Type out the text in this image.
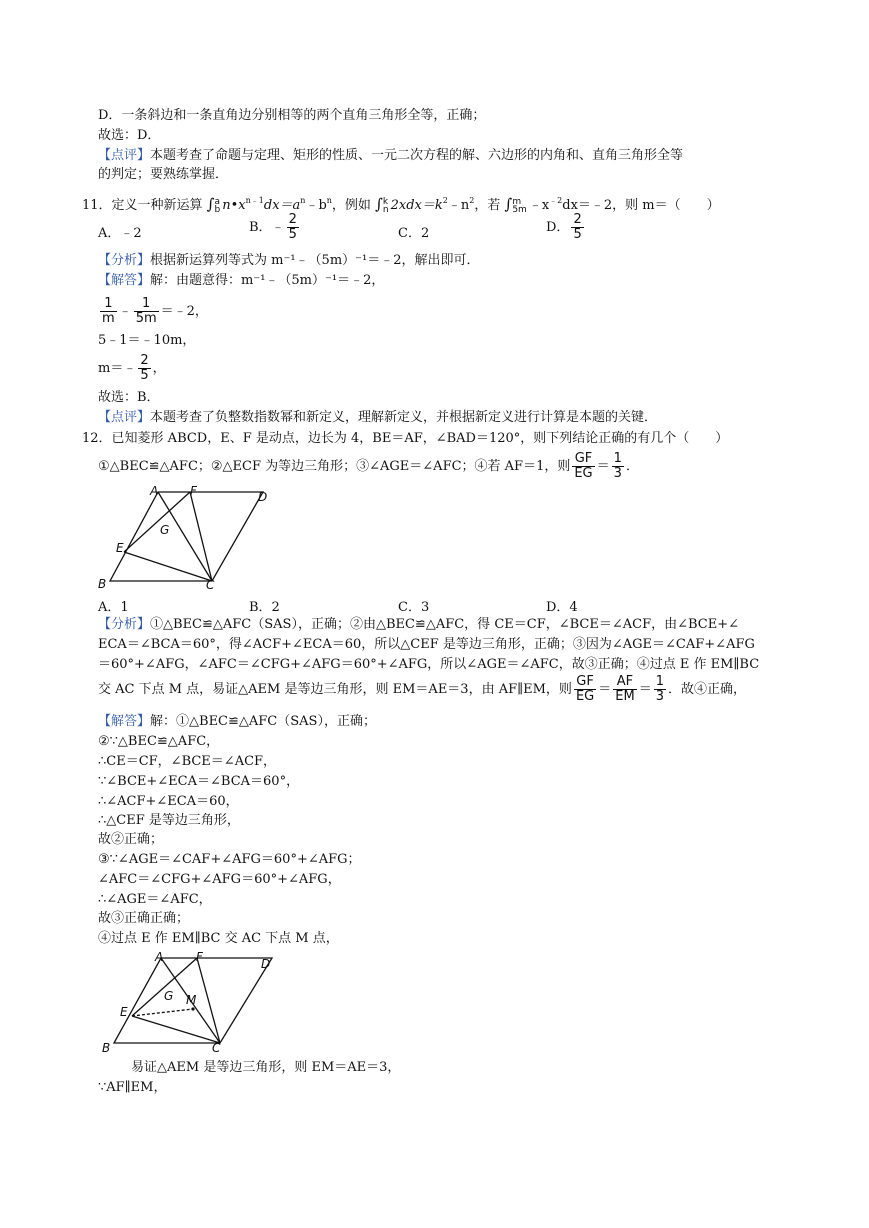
D．一条斜边和一条直角边分别相等的两个直角三角形全等，正确；
故选：D．
【点评】本题考查了命题与定理、矩形的性质、一元二次方程的解、六边形的内角和、直角三角形全等
的判定；要熟练掌握．
11．定义一种新运算 ∫ a
b $n•x^{n﹣1}dx=a^n﹣b^n$，例如 ∫ k
n $2xdx=k^2﹣n^2$，若 ∫ m
5m $﹣x^{﹣2}dx=﹣2$，则 m＝（　　）
A．﹣2	B．﹣ $\frac{2}{5}$	C．2	D． $\frac{2}{5}$
【分析】根据新运算列等式为 m⁻¹﹣（5m）⁻¹＝﹣2，解出即可．
【解答】解：由题意得：m⁻¹﹣（5m）⁻¹＝﹣2，
$\frac{1}{m}$ ﹣ $\frac{1}{5m}$ ＝﹣2，
5﹣1＝﹣10m，
m＝﹣ $\frac{2}{5}$ ，
故选：B．
【点评】本题考查了负整数指数幂和新定义，理解新定义，并根据新定义进行计算是本题的关键．
12．已知菱形 ABCD，E、F 是动点，边长为 4，BE＝AF，∠BAD＝120°，则下列结论正确的有几个（　　）
①△BEC≌△AFC；②△ECF 为等边三角形；③∠AGE＝∠AFC；④若 AF＝1，则 $\frac{GF}{EG} = \frac{1}{3}$ ．
A	F	D
G
E
B	C
A．1	B．2	C．3	D．4
【分析】①△BEC≌△AFC（SAS），正确；②由△BEC≌△AFC，得 CE＝CF，∠BCE＝∠ACF，由∠BCE+∠
ECA＝∠BCA＝60°，得∠ACF+∠ECA＝60，所以△CEF 是等边三角形，正确；③因为∠AGE＝∠CAF+∠AFG
＝60°+∠AFG，∠AFC＝∠CFG+∠AFG＝60°+∠AFG，所以∠AGE＝∠AFC，故③正确；④过点 E 作 EM∥BC
交 AC 下点 M 点，易证△AEM 是等边三角形，则 EM＝AE＝3，由 AF∥EM，则 $\frac{GF}{EG} = \frac{AF}{EM} = \frac{1}{3}$ ．故④正确，
【解答】解：①△BEC≌△AFC（SAS），正确；
②∵△BEC≌△AFC，
∴CE＝CF，∠BCE＝∠ACF，
∵∠BCE+∠ECA＝∠BCA＝60°，
∴∠ACF+∠ECA＝60，
∴△CEF 是等边三角形，
故②正确；
③∵∠AGE＝∠CAF+∠AFG＝60°+∠AFG；
∠AFC＝∠CFG+∠AFG＝60°+∠AFG，
∴∠AGE＝∠AFC，
故③正确正确；
④过点 E 作 EM∥BC 交 AC 下点 M 点，
A	F	D
G M
E
B	C
易证△AEM 是等边三角形，则 EM＝AE＝3，
∵AF∥EM，
